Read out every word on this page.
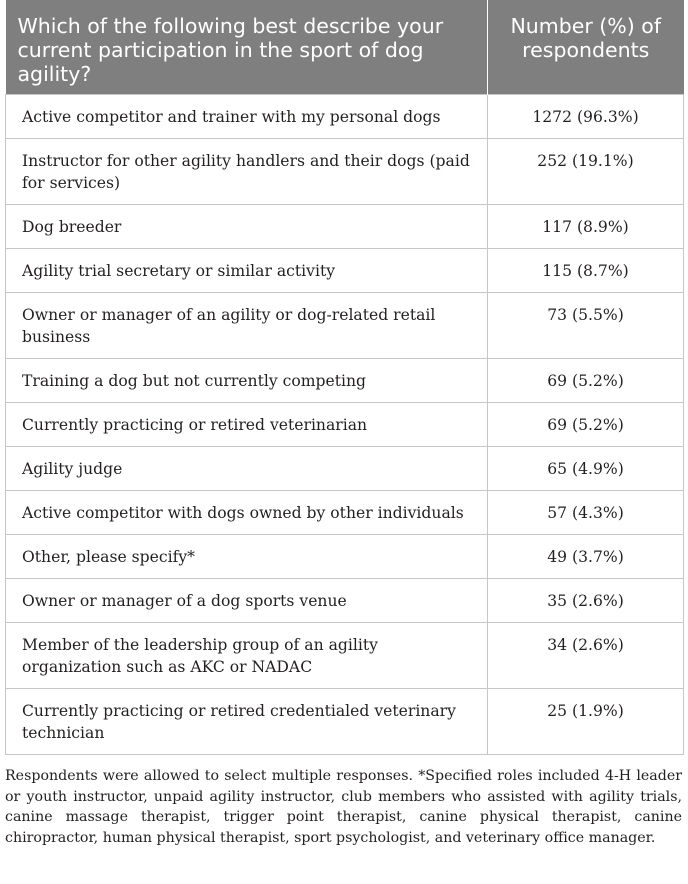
Which of the following best describe your current participation in the sport of dog agility?	Number (%) of respondents
Active competitor and trainer with my personal dogs	1272 (96.3%)
Instructor for other agility handlers and their dogs (paid for services)	252 (19.1%)
Dog breeder	117 (8.9%)
Agility trial secretary or similar activity	115 (8.7%)
Owner or manager of an agility or dog-related retail business	73 (5.5%)
Training a dog but not currently competing	69 (5.2%)
Currently practicing or retired veterinarian	69 (5.2%)
Agility judge	65 (4.9%)
Active competitor with dogs owned by other individuals	57 (4.3%)
Other, please specify*	49 (3.7%)
Owner or manager of a dog sports venue	35 (2.6%)
Member of the leadership group of an agility organization such as AKC or NADAC	34 (2.6%)
Currently practicing or retired credentialed veterinary technician	25 (1.9%)

Respondents were allowed to select multiple responses. *Specified roles included 4-H leader or youth instructor, unpaid agility instructor, club members who assisted with agility trials, canine massage therapist, trigger point therapist, canine physical therapist, canine chiropractor, human physical therapist, sport psychologist, and veterinary office manager.
